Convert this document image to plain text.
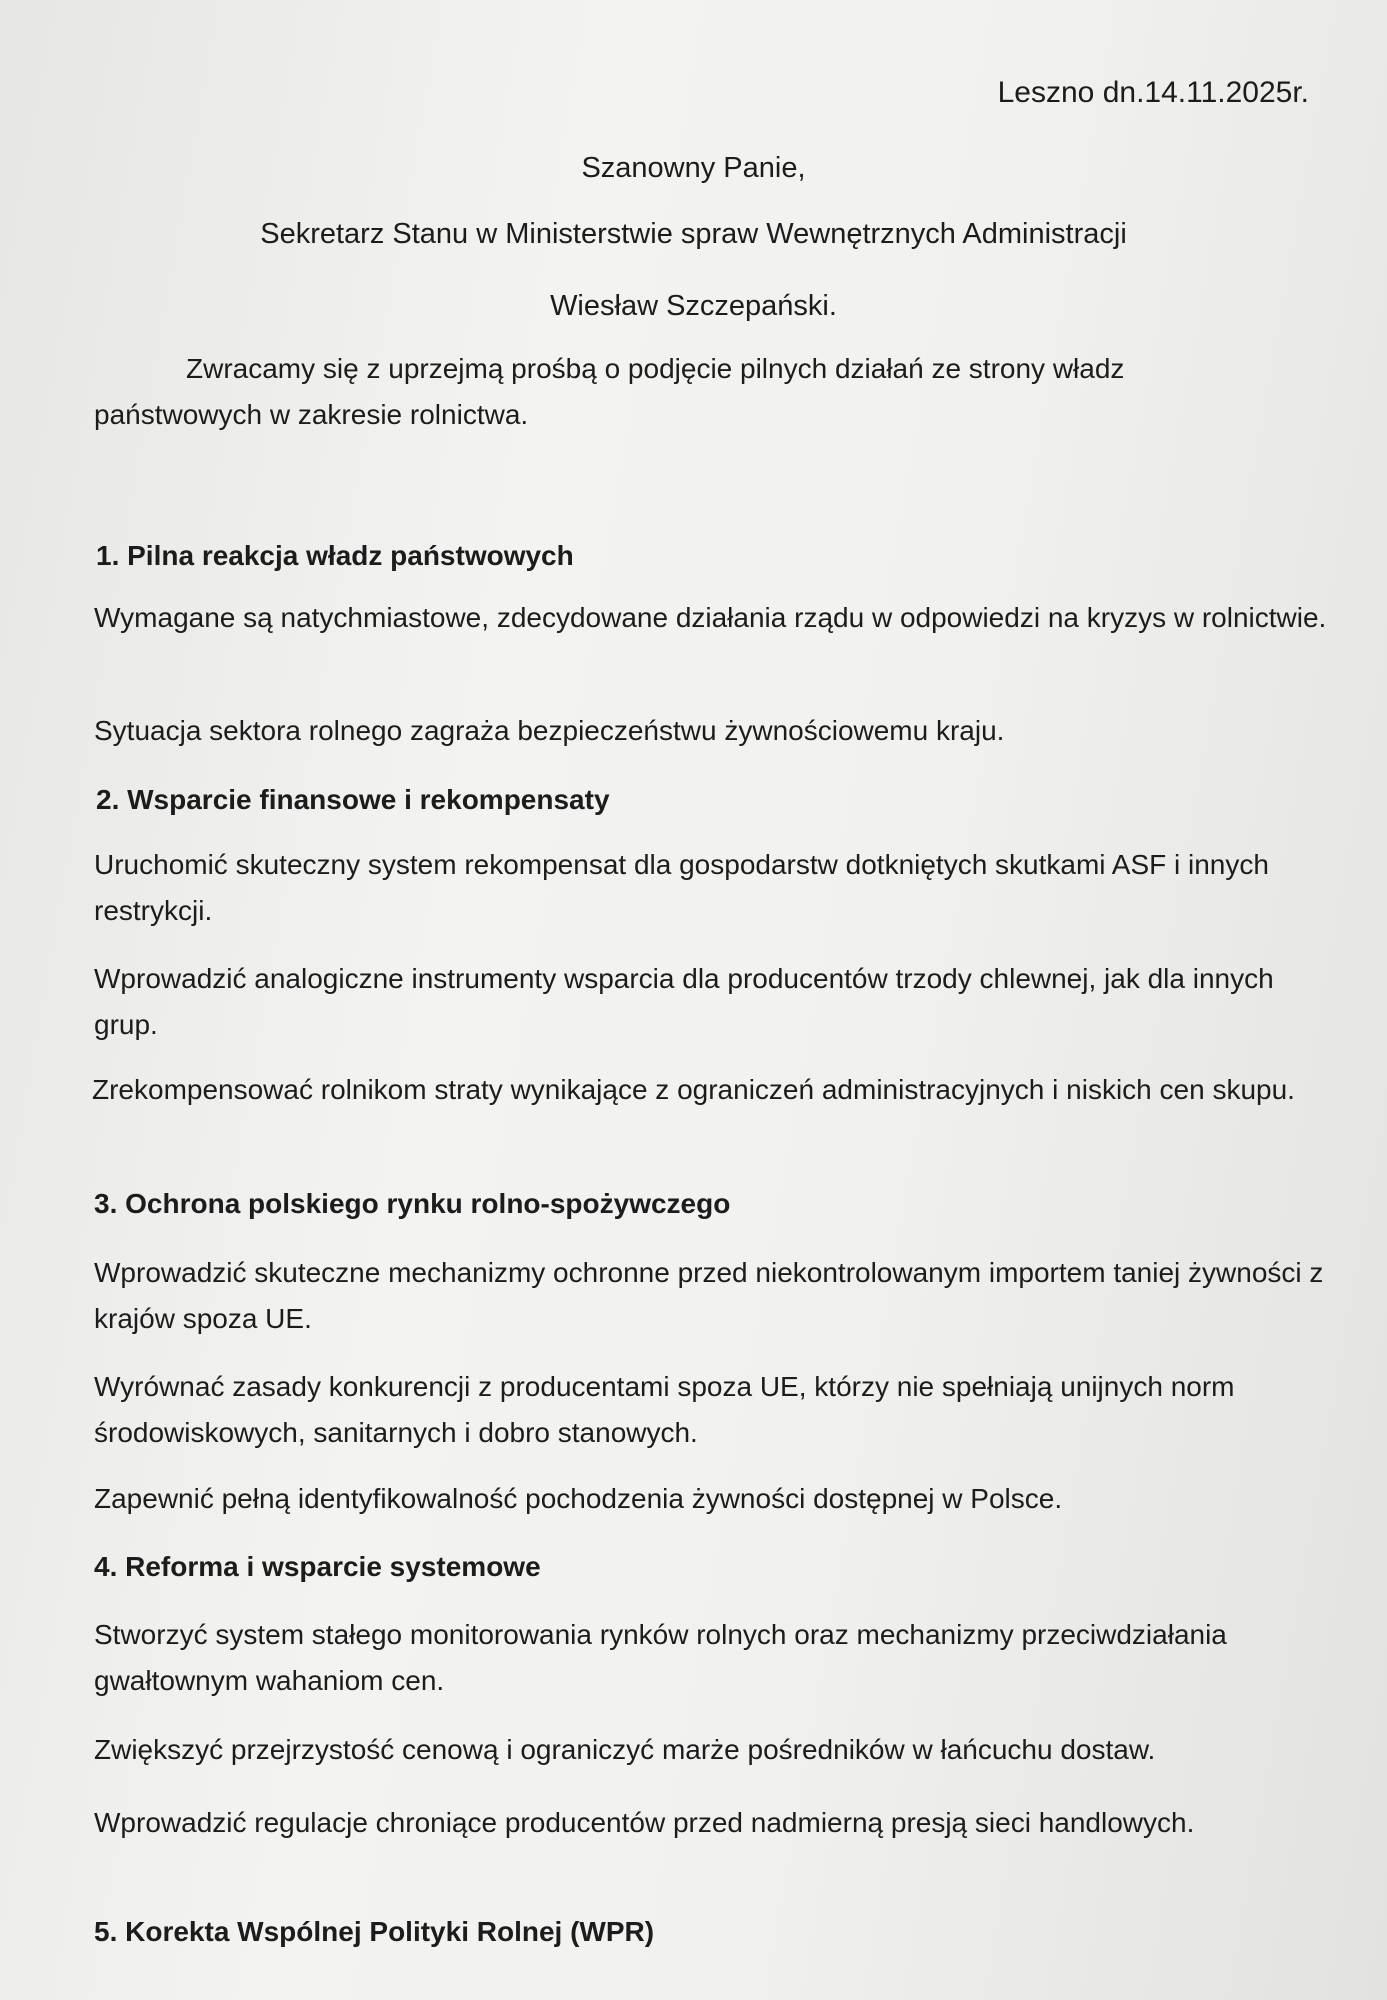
Leszno dn.14.11.2025r.
Szanowny Panie,
Sekretarz Stanu w Ministerstwie spraw Wewnętrznych Administracji
Wiesław Szczepański.
Zwracamy się z uprzejmą prośbą o podjęcie pilnych działań ze strony władz państwowych w zakresie rolnictwa.
1. Pilna reakcja władz państwowych
Wymagane są natychmiastowe, zdecydowane działania rządu w odpowiedzi na kryzys w rolnictwie.
Sytuacja sektora rolnego zagraża bezpieczeństwu żywnościowemu kraju.
2. Wsparcie finansowe i rekompensaty
Uruchomić skuteczny system rekompensat dla gospodarstw dotkniętych skutkami ASF i innych restrykcji.
Wprowadzić analogiczne instrumenty wsparcia dla producentów trzody chlewnej, jak dla innych grup.
Zrekompensować rolnikom straty wynikające z ograniczeń administracyjnych i niskich cen skupu.
3. Ochrona polskiego rynku rolno-spożywczego
Wprowadzić skuteczne mechanizmy ochronne przed niekontrolowanym importem taniej żywności z krajów spoza UE.
Wyrównać zasady konkurencji z producentami spoza UE, którzy nie spełniają unijnych norm środowiskowych, sanitarnych i dobro stanowych.
Zapewnić pełną identyfikowalność pochodzenia żywności dostępnej w Polsce.
4. Reforma i wsparcie systemowe
Stworzyć system stałego monitorowania rynków rolnych oraz mechanizmy przeciwdziałania gwałtownym wahaniom cen.
Zwiększyć przejrzystość cenową i ograniczyć marże pośredników w łańcuchu dostaw.
Wprowadzić regulacje chroniące producentów przed nadmierną presją sieci handlowych.
5. Korekta Wspólnej Polityki Rolnej (WPR)
